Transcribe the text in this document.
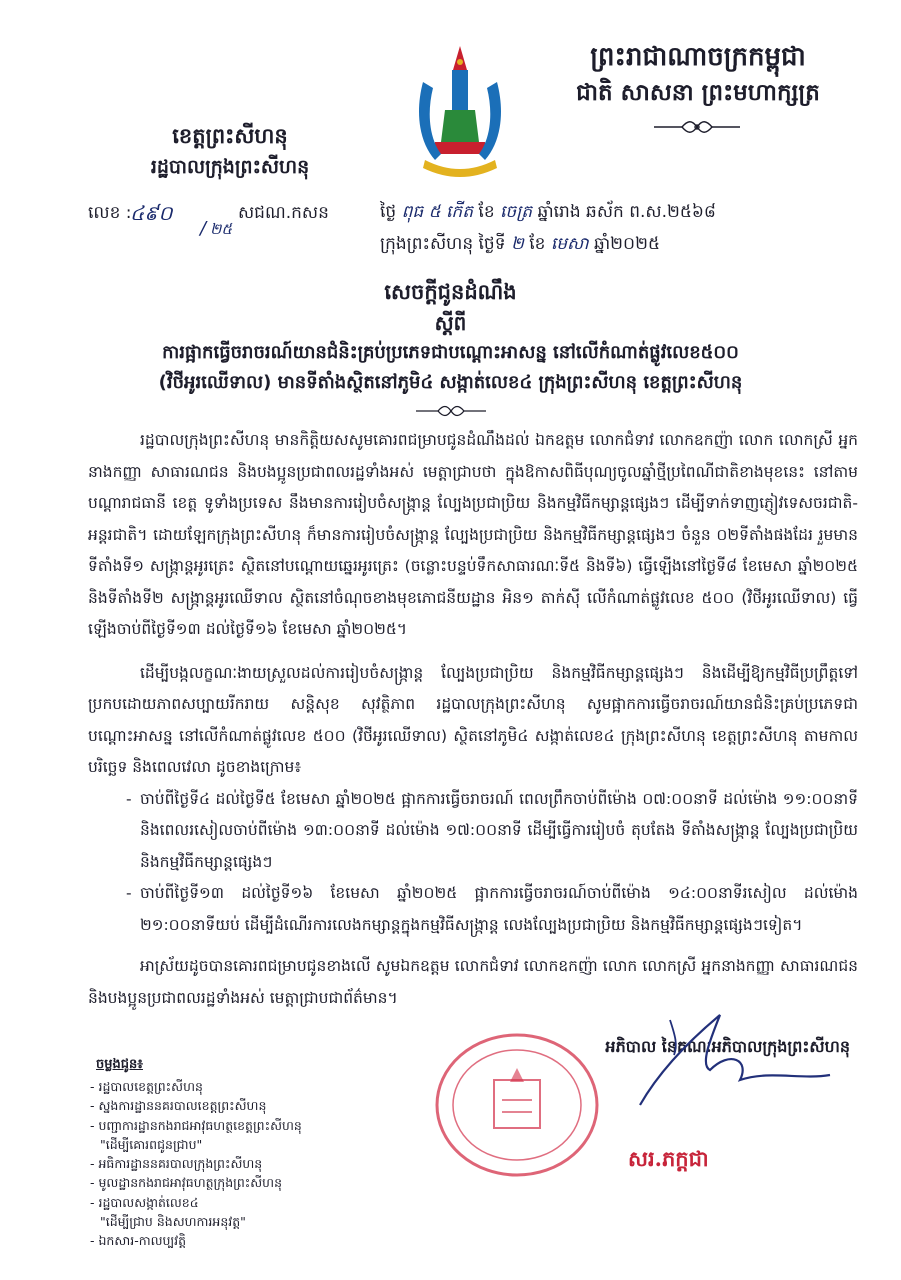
ព្រះរាជាណាចក្រកម្ពុជា
ជាតិ សាសនា ព្រះមហាក្សត្រ
ខេត្តព្រះសីហនុ
រដ្ឋបាលក្រុងព្រះសីហនុ
លេខ :
៤៩០
/ ២៥
សជណ.កសន	ថ្ងៃ ពុធ ៥ កើត ខែ ចេត្រ ឆ្នាំរោង ឆស័ក ព.ស.២៥៦៨
ក្រុងព្រះសីហនុ ថ្ងៃទី ២ ខែ មេសា ឆ្នាំ២០២៥
សេចក្ដីជូនដំណឹង
ស្ដីពី
ការផ្អាកធ្វើចរាចរណ៍យានជំនិះគ្រប់ប្រភេទជាបណ្ដោះអាសន្ន នៅលើកំណាត់ផ្លូវលេខ៥០០
(វិថីអូរឈើទាល) មានទីតាំងស្ថិតនៅភូមិ៤ សង្កាត់លេខ៤ ក្រុងព្រះសីហនុ ខេត្តព្រះសីហនុ

រដ្ឋបាលក្រុងព្រះសីហនុ មានកិត្តិយសសូមគោរពជម្រាបជូនដំណឹងដល់ ឯកឧត្តម លោកជំទាវ លោកឧកញ៉ា លោក លោកស្រី អ្នកនាងកញ្ញា សាធារណជន និងបងប្អូនប្រជាពលរដ្ឋទាំងអស់ មេត្តាជ្រាបថា ក្នុងឱកាសពិធីបុណ្យចូលឆ្នាំថ្មីប្រពៃណីជាតិខាងមុខនេះ នៅតាមបណ្ដារាជធានី ខេត្ត ទូទាំងប្រទេស នឹងមានការរៀបចំសង្ក្រាន្ត ល្បែងប្រជាប្រិយ និងកម្មវិធីកម្សាន្តផ្សេងៗ ដើម្បីទាក់ទាញភ្ញៀវទេសចរជាតិ-អន្តរជាតិ។ ដោយឡែកក្រុងព្រះសីហនុ ក៏មានការរៀបចំសង្ក្រាន្ត ល្បែងប្រជាប្រិយ និងកម្មវិធីកម្សាន្តផ្សេងៗ ចំនួន ០២ទីតាំងផងដែរ រួមមាន ទីតាំងទី១ សង្ក្រាន្តអូរត្រេះ ស្ថិតនៅបណ្ដោយឆ្នេរអូរត្រេះ (ចន្លោះបន្ទប់ទឹកសាធារណៈទី៥ និងទី៦) ធ្វើឡើងនៅថ្ងៃទី៨ ខែមេសា ឆ្នាំ២០២៥ និងទីតាំងទី២ សង្ក្រាន្តអូរឈើទាល ស្ថិតនៅចំណុចខាងមុខភោជនីយដ្ឋាន អិន១ តាក់ស៊ី លើកំណាត់ផ្លូវលេខ ៥០០ (វិថីអូរឈើទាល) ធ្វើឡើងចាប់ពីថ្ងៃទី១៣ ដល់ថ្ងៃទី១៦ ខែមេសា ឆ្នាំ២០២៥។

ដើម្បីបង្កលក្ខណៈងាយស្រួលដល់ការរៀបចំសង្ក្រាន្ត ល្បែងប្រជាប្រិយ និងកម្មវិធីកម្សាន្តផ្សេងៗ និងដើម្បីឱ្យកម្មវិធីប្រព្រឹត្តទៅប្រកបដោយភាពសប្បាយរីករាយ សន្តិសុខ សុវត្ថិភាព រដ្ឋបាលក្រុងព្រះសីហនុ សូមផ្អាកការធ្វើចរាចរណ៍យានជំនិះគ្រប់ប្រភេទជាបណ្ដោះអាសន្ន នៅលើកំណាត់ផ្លូវលេខ ៥០០ (វិថីអូរឈើទាល) ស្ថិតនៅភូមិ៤ សង្កាត់លេខ៤ ក្រុងព្រះសីហនុ ខេត្តព្រះសីហនុ តាមកាលបរិច្ឆេទ និងពេលវេលា ដូចខាងក្រោម៖

- ចាប់ពីថ្ងៃទី៤ ដល់ថ្ងៃទី៥ ខែមេសា ឆ្នាំ២០២៥ ផ្អាកការធ្វើចរាចរណ៍ ពេលព្រឹកចាប់ពីម៉ោង ០៧:០០នាទី ដល់ម៉ោង ១១:០០នាទី និងពេលរសៀលចាប់ពីម៉ោង ១៣:០០នាទី ដល់ម៉ោង ១៧:០០នាទី ដើម្បីធ្វើការរៀបចំ តុបតែង ទីតាំងសង្ក្រាន្ត ល្បែងប្រជាប្រិយ និងកម្មវិធីកម្សាន្តផ្សេងៗ
- ចាប់ពីថ្ងៃទី១៣ ដល់ថ្ងៃទី១៦ ខែមេសា ឆ្នាំ២០២៥ ផ្អាកការធ្វើចរាចរណ៍ចាប់ពីម៉ោង ១៤:០០នាទីរសៀល ដល់ម៉ោង ២១:០០នាទីយប់ ដើម្បីដំណើរការលេងកម្សាន្តក្នុងកម្មវិធីសង្ក្រាន្ត លេងល្បែងប្រជាប្រិយ និងកម្មវិធីកម្សាន្តផ្សេងៗទៀត។

អាស្រ័យដូចបានគោរពជម្រាបជូនខាងលើ សូមឯកឧត្តម លោកជំទាវ លោកឧកញ៉ា លោក លោកស្រី អ្នកនាងកញ្ញា សាធារណជន និងបងប្អូនប្រជាពលរដ្ឋទាំងអស់ មេត្តាជ្រាបជាព័ត៌មាន។

អភិបាល នៃគណៈអភិបាលក្រុងព្រះសីហនុ
សរ.ភក្ដជា
ចម្លងជូន៖
- រដ្ឋបាលខេត្តព្រះសីហនុ
- ស្នងការដ្ឋាននគរបាលខេត្តព្រះសីហនុ
- បញ្ជាការដ្ឋានកងរាជអាវុធហត្ថខេត្តព្រះសីហនុ
"ដើម្បីគោរពជូនជ្រាប"
- អធិការដ្ឋាននគរបាលក្រុងព្រះសីហនុ
- មូលដ្ឋានកងរាជអាវុធហត្ថក្រុងព្រះសីហនុ
- រដ្ឋបាលសង្កាត់លេខ៤
"ដើម្បីជ្រាប និងសហការអនុវត្ត"
- ឯកសារ-កាលប្បវត្តិ
